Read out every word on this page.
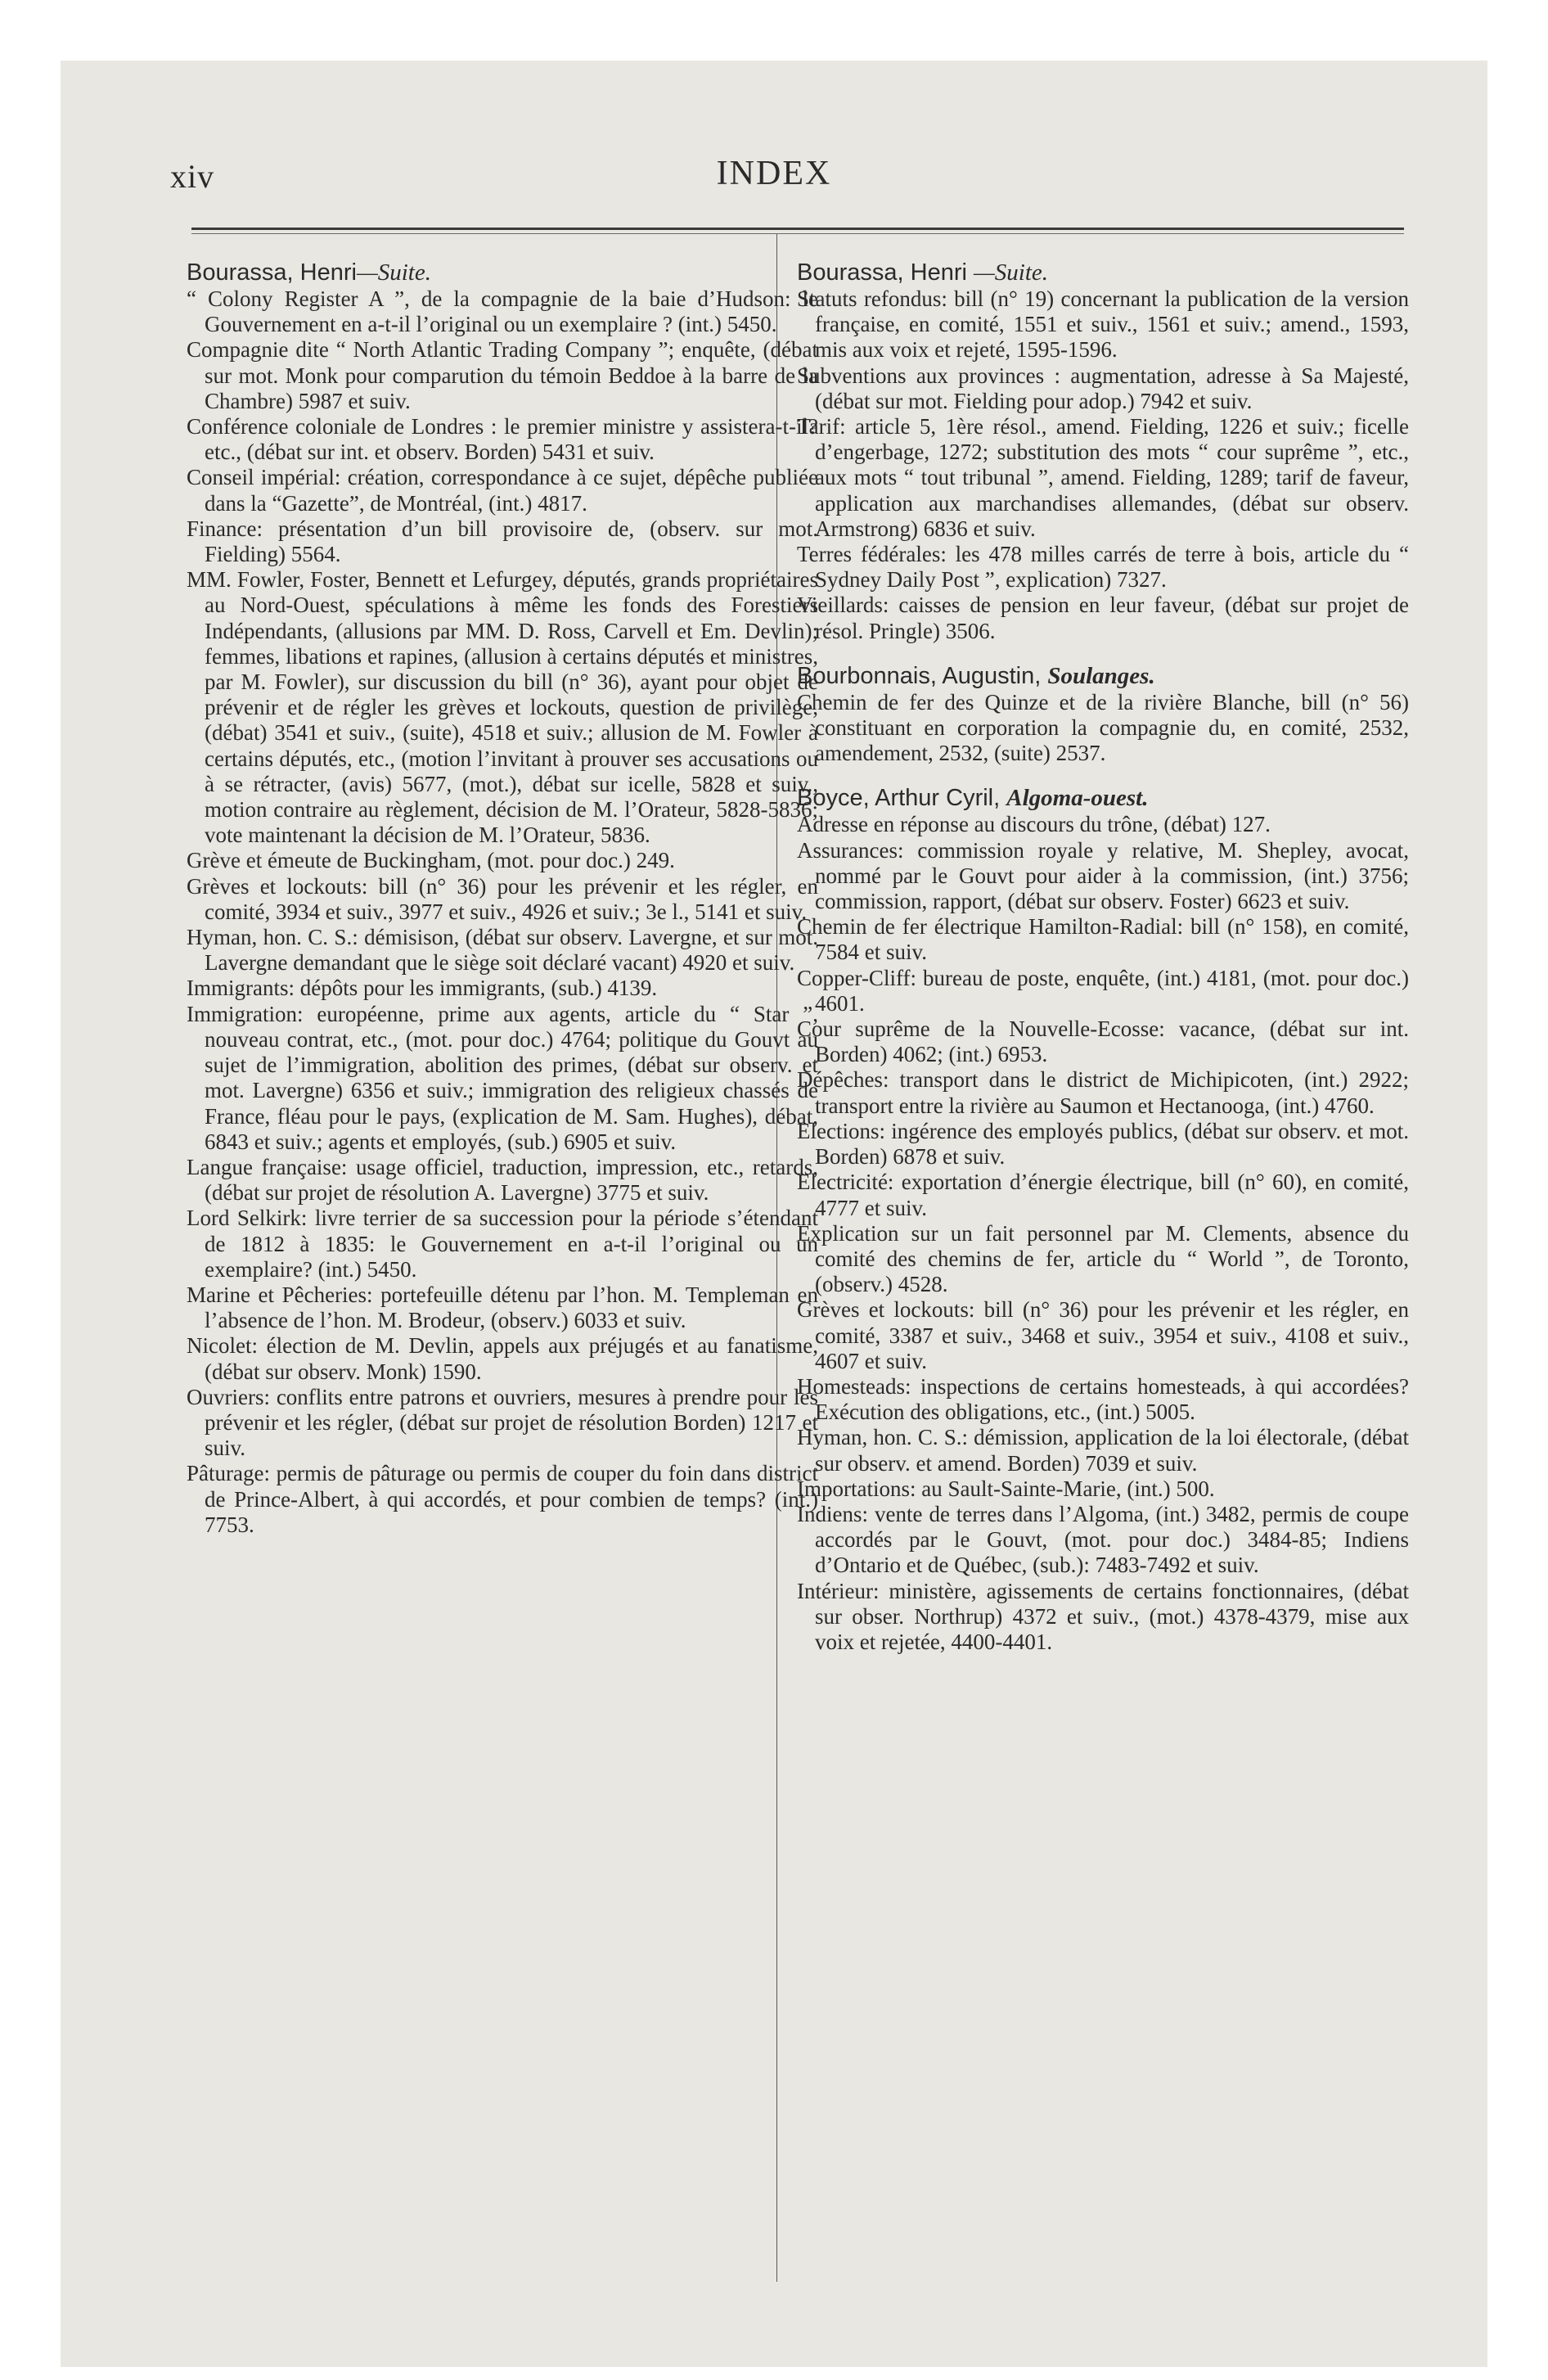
xiv	INDEX
Bourassa, Henri—Suite.

“ Colony Register A ”, de la compagnie de la baie d’Hudson: le Gouvernement en a-t-il l’original ou un exemplaire ? (int.) 5450.

Compagnie dite “ North Atlantic Trading Company ”; enquête, (débat sur mot. Monk pour comparution du témoin Beddoe à la barre de la Chambre) 5987 et suiv.

Conférence coloniale de Londres : le premier ministre y assistera-t-il? etc., (débat sur int. et observ. Borden) 5431 et suiv.

Conseil impérial: création, correspondance à ce sujet, dépêche publiée dans la “Gazette”, de Montréal, (int.) 4817.

Finance: présentation d’un bill provisoire de, (observ. sur mot. Fielding) 5564.

MM. Fowler, Foster, Bennett et Lefurgey, députés, grands propriétaires au Nord-Ouest, spéculations à même les fonds des Forestiers Indépendants, (allusions par MM. D. Ross, Carvell et Em. Devlin); femmes, libations et rapines, (allusion à certains députés et ministres, par M. Fowler), sur discussion du bill (n° 36), ayant pour objet de prévenir et de régler les grèves et lockouts, question de privilège, (débat) 3541 et suiv., (suite), 4518 et suiv.; allusion de M. Fowler à certains députés, etc., (motion l’invitant à prouver ses accusations ou à se rétracter, (avis) 5677, (mot.), débat sur icelle, 5828 et suiv., motion contraire au règlement, décision de M. l’Orateur, 5828-5836; vote maintenant la décision de M. l’Orateur, 5836.

Grève et émeute de Buckingham, (mot. pour doc.) 249.

Grèves et lockouts: bill (n° 36) pour les prévenir et les régler, en comité, 3934 et suiv., 3977 et suiv., 4926 et suiv.; 3e l., 5141 et suiv.

Hyman, hon. C. S.: démisison, (débat sur observ. Lavergne, et sur mot. Lavergne demandant que le siège soit déclaré vacant) 4920 et suiv.

Immigrants: dépôts pour les immigrants, (sub.) 4139.

Immigration: européenne, prime aux agents, article du “ Star ”, nouveau contrat, etc., (mot. pour doc.) 4764; politique du Gouvt au sujet de l’immigration, abolition des primes, (débat sur observ. et mot. Lavergne) 6356 et suiv.; immigration des religieux chassés de France, fléau pour le pays, (explication de M. Sam. Hughes), débat, 6843 et suiv.; agents et employés, (sub.) 6905 et suiv.

Langue française: usage officiel, traduction, impression, etc., retards, (débat sur projet de résolution A. Lavergne) 3775 et suiv.

Lord Selkirk: livre terrier de sa succession pour la période s’étendant de 1812 à 1835: le Gouvernement en a-t-il l’original ou un exemplaire? (int.) 5450.

Marine et Pêcheries: portefeuille détenu par l’hon. M. Templeman en l’absence de l’hon. M. Brodeur, (observ.) 6033 et suiv.

Nicolet: élection de M. Devlin, appels aux préjugés et au fanatisme, (débat sur observ. Monk) 1590.

Ouvriers: conflits entre patrons et ouvriers, mesures à prendre pour les prévenir et les régler, (débat sur projet de résolution Borden) 1217 et suiv.

Pâturage: permis de pâturage ou permis de couper du foin dans district de Prince-Albert, à qui accordés, et pour combien de temps? (int.) 7753.

Bourassa, Henri —Suite.

Statuts refondus: bill (n° 19) concernant la publication de la version française, en comité, 1551 et suiv., 1561 et suiv.; amend., 1593, mis aux voix et rejeté, 1595-1596.

Subventions aux provinces : augmentation, adresse à Sa Majesté, (débat sur mot. Fielding pour adop.) 7942 et suiv.

Tarif: article 5, 1ère résol., amend. Fielding, 1226 et suiv.; ficelle d’engerbage, 1272; substitution des mots “ cour suprême ”, etc., aux mots “ tout tribunal ”, amend. Fielding, 1289; tarif de faveur, application aux marchandises allemandes, (débat sur observ. Armstrong) 6836 et suiv.

Terres fédérales: les 478 milles carrés de terre à bois, article du “ Sydney Daily Post ”, explication) 7327.

Vieillards: caisses de pension en leur faveur, (débat sur projet de résol. Pringle) 3506.

Bourbonnais, Augustin, Soulanges.

Chemin de fer des Quinze et de la rivière Blanche, bill (n° 56) constituant en corporation la compagnie du, en comité, 2532, amendement, 2532, (suite) 2537.

Boyce, Arthur Cyril, Algoma-ouest.

Adresse en réponse au discours du trône, (débat) 127.

Assurances: commission royale y relative, M. Shepley, avocat, nommé par le Gouvt pour aider à la commission, (int.) 3756; commission, rapport, (débat sur observ. Foster) 6623 et suiv.

Chemin de fer électrique Hamilton-Radial: bill (n° 158), en comité, 7584 et suiv.

Copper-Cliff: bureau de poste, enquête, (int.) 4181, (mot. pour doc.) 4601.

Cour suprême de la Nouvelle-Ecosse: vacance, (débat sur int. Borden) 4062; (int.) 6953.

Dépêches: transport dans le district de Michipicoten, (int.) 2922; transport entre la rivière au Saumon et Hectanooga, (int.) 4760.

Elections: ingérence des employés publics, (débat sur observ. et mot. Borden) 6878 et suiv.

Electricité: exportation d’énergie électrique, bill (n° 60), en comité, 4777 et suiv.

Explication sur un fait personnel par M. Clements, absence du comité des chemins de fer, article du “ World ”, de Toronto, (observ.) 4528.

Grèves et lockouts: bill (n° 36) pour les prévenir et les régler, en comité, 3387 et suiv., 3468 et suiv., 3954 et suiv., 4108 et suiv., 4607 et suiv.

Homesteads: inspections de certains homesteads, à qui accordées? Exécution des obligations, etc., (int.) 5005.

Hyman, hon. C. S.: démission, application de la loi électorale, (débat sur observ. et amend. Borden) 7039 et suiv.

Importations: au Sault-Sainte-Marie, (int.) 500.

Indiens: vente de terres dans l’Algoma, (int.) 3482, permis de coupe accordés par le Gouvt, (mot. pour doc.) 3484-85; Indiens d’Ontario et de Québec, (sub.): 7483-7492 et suiv.

Intérieur: ministère, agissements de certains fonctionnaires, (débat sur obser. Northrup) 4372 et suiv., (mot.) 4378-4379, mise aux voix et rejetée, 4400-4401.
